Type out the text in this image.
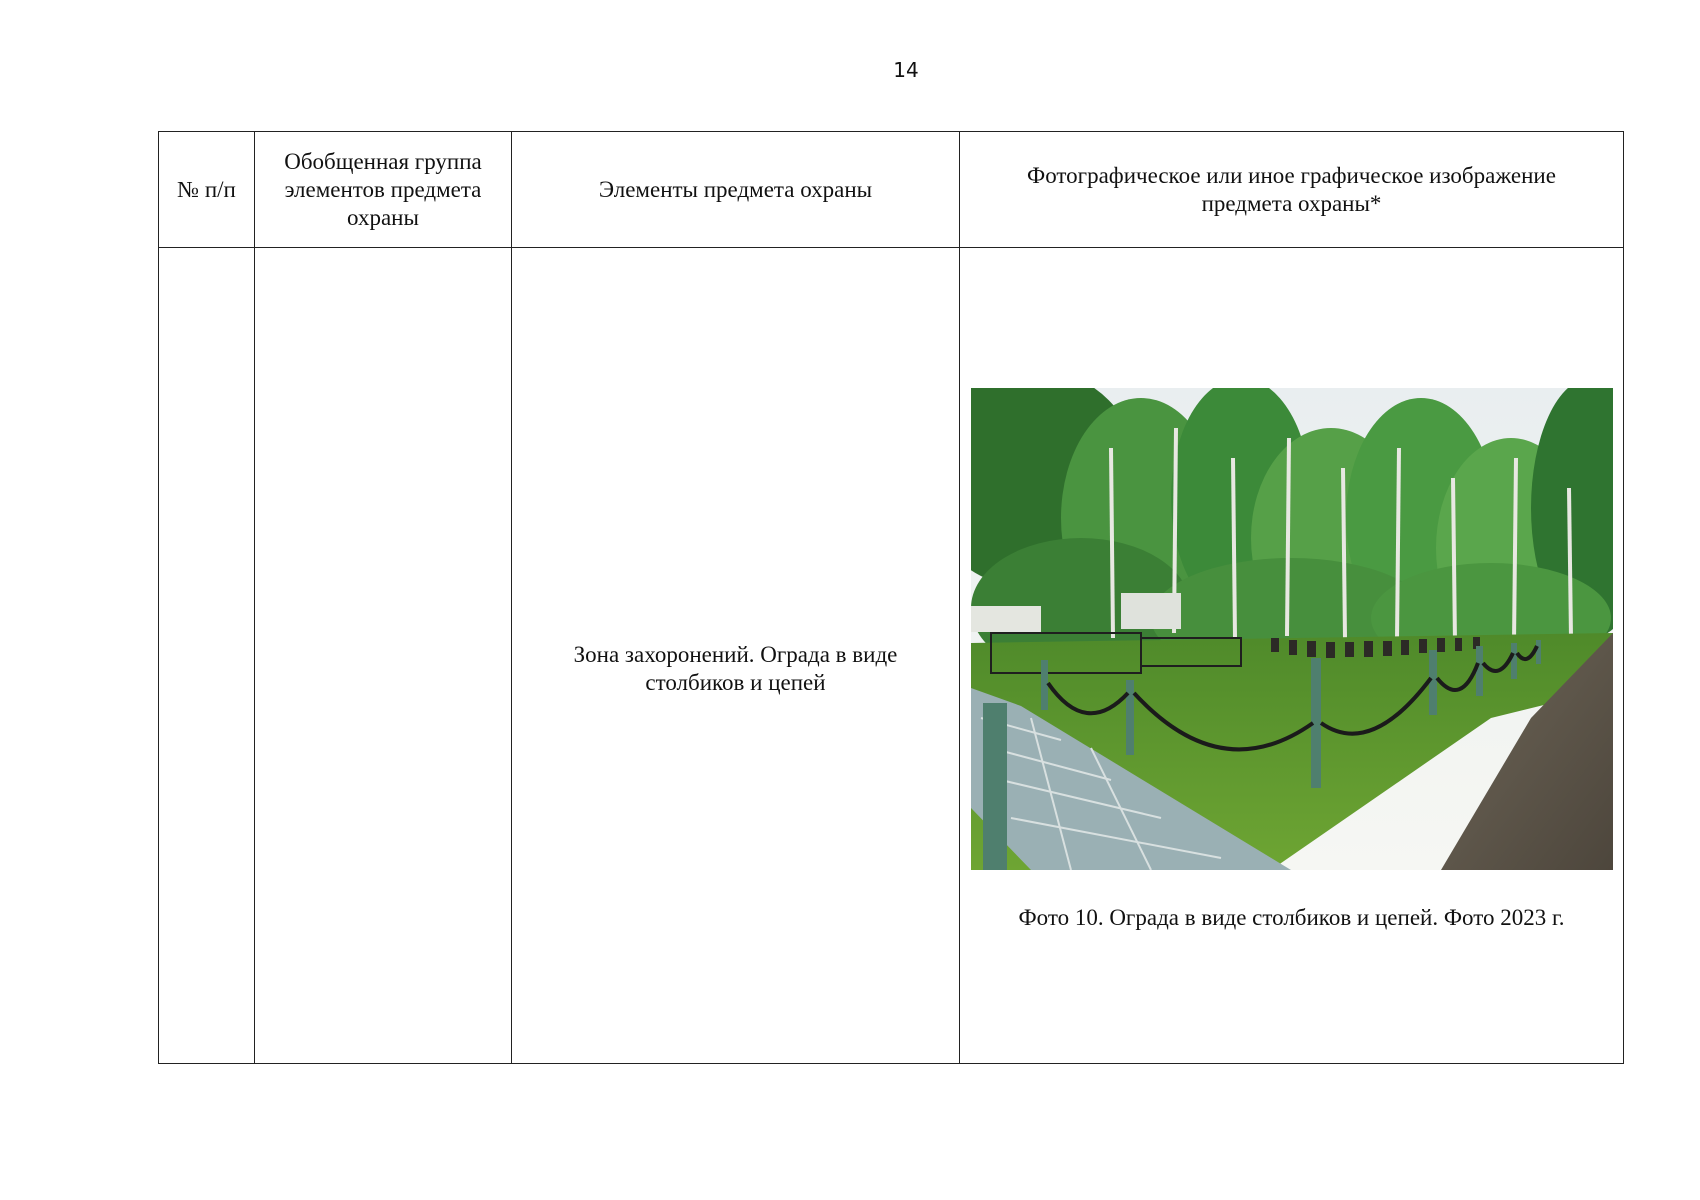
14
№ п/п	Обобщенная группа элементов предмета охраны	Элементы предмета охраны	Фотографическое или иное графическое изображение предмета охраны*

		Зона захоронений. Ограда в виде столбиков и цепей	Фото 10. Ограда в виде столбиков и цепей. Фото 2023 г.
